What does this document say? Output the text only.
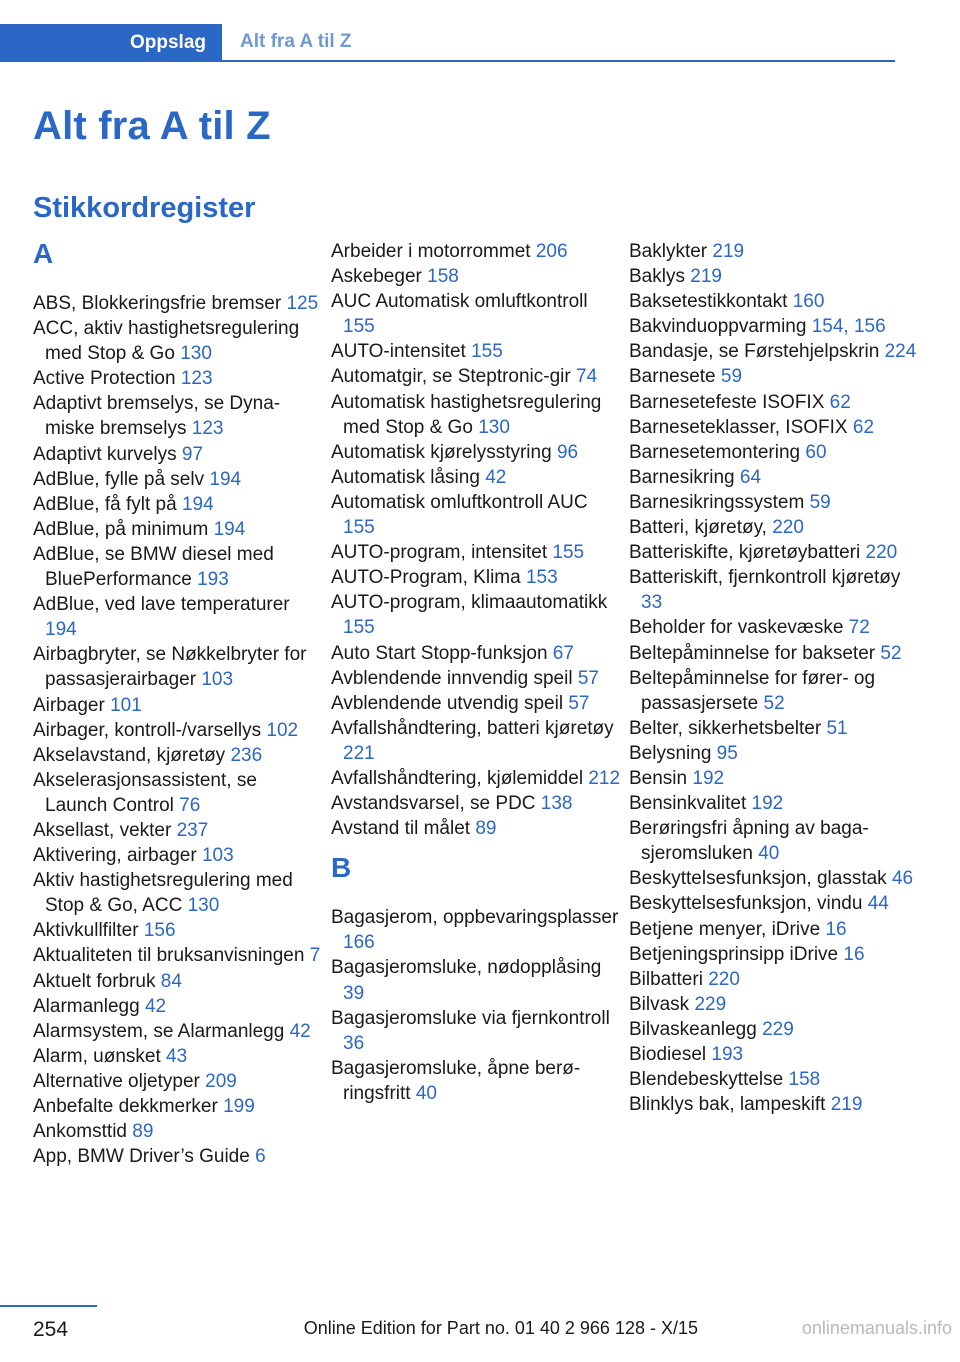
Oppslag	Alt fra A til Z
Alt fra A til Z
Stikkordregister
A
ABS, Blokkeringsfrie bremser 125
ACC, aktiv hastighetsregulering med Stop & Go 130
Active Protection 123
Adaptivt bremselys, se Dynamiske bremselys 123
Adaptivt kurvelys 97
AdBlue, fylle på selv 194
AdBlue, få fylt på 194
AdBlue, på minimum 194
AdBlue, se BMW diesel med BluePerformance 193
AdBlue, ved lave temperaturer 194
Airbagbryter, se Nøkkelbryter for passasjerairbager 103
Airbager 101
Airbager, kontroll-/varsellys 102
Akselavstand, kjøretøy 236
Akselerasjonsassistent, se Launch Control 76
Aksellast, vekter 237
Aktivering, airbager 103
Aktiv hastighetsregulering med Stop & Go, ACC 130
Aktivkullfilter 156
Aktualiteten til bruksanvisningen 7
Aktuelt forbruk 84
Alarmanlegg 42
Alarmsystem, se Alarmanlegg 42
Alarm, uønsket 43
Alternative oljetyper 209
Anbefalte dekkmerker 199
Ankomsttid 89
App, BMW Driver’s Guide 6
Arbeider i motorrommet 206
Askebeger 158
AUC Automatisk omluftkontroll 155
AUTO-intensitet 155
Automatgir, se Steptronic-gir 74
Automatisk hastighetsregulering med Stop & Go 130
Automatisk kjørelysstyring 96
Automatisk låsing 42
Automatisk omluftkontroll AUC 155
AUTO-program, intensitet 155
AUTO-Program, Klima 153
AUTO-program, klimaautomatikk 155
Auto Start Stopp-funksjon 67
Avblendende innvendig speil 57
Avblendende utvendig speil 57
Avfallshåndtering, batteri kjøretøy 221
Avfallshåndtering, kjølemiddel 212
Avstandsvarsel, se PDC 138
Avstand til målet 89
B
Bagasjerom, oppbevaringsplasser 166
Bagasjeromsluke, nødopplåsing 39
Bagasjeromsluke via fjernkontroll 36
Bagasjeromsluke, åpne berøringsfritt 40
Baklykter 219
Baklys 219
Baksetestikkontakt 160
Bakvinduoppvarming 154, 156
Bandasje, se Førstehjelpskrin 224
Barnesete 59
Barnesetefeste ISOFIX 62
Barneseteklasser, ISOFIX 62
Barnesetemontering 60
Barnesikring 64
Barnesikringssystem 59
Batteri, kjøretøy, 220
Batteriskifte, kjøretøybatteri 220
Batteriskift, fjernkontroll kjøretøy 33
Beholder for vaskevæske 72
Beltepåminnelse for bakseter 52
Beltepåminnelse for fører- og passasjersete 52
Belter, sikkerhetsbelter 51
Belysning 95
Bensin 192
Bensinkvalitet 192
Berøringsfri åpning av bagasjeromsluken 40
Beskyttelsesfunksjon, glasstak 46
Beskyttelsesfunksjon, vindu 44
Betjene menyer, iDrive 16
Betjeningsprinsipp iDrive 16
Bilbatteri 220
Bilvask 229
Bilvaskeanlegg 229
Biodiesel 193
Blendebeskyttelse 158
Blinklys bak, lampeskift 219
254	Online Edition for Part no. 01 40 2 966 128 - X/15	onlinemanuals.info
